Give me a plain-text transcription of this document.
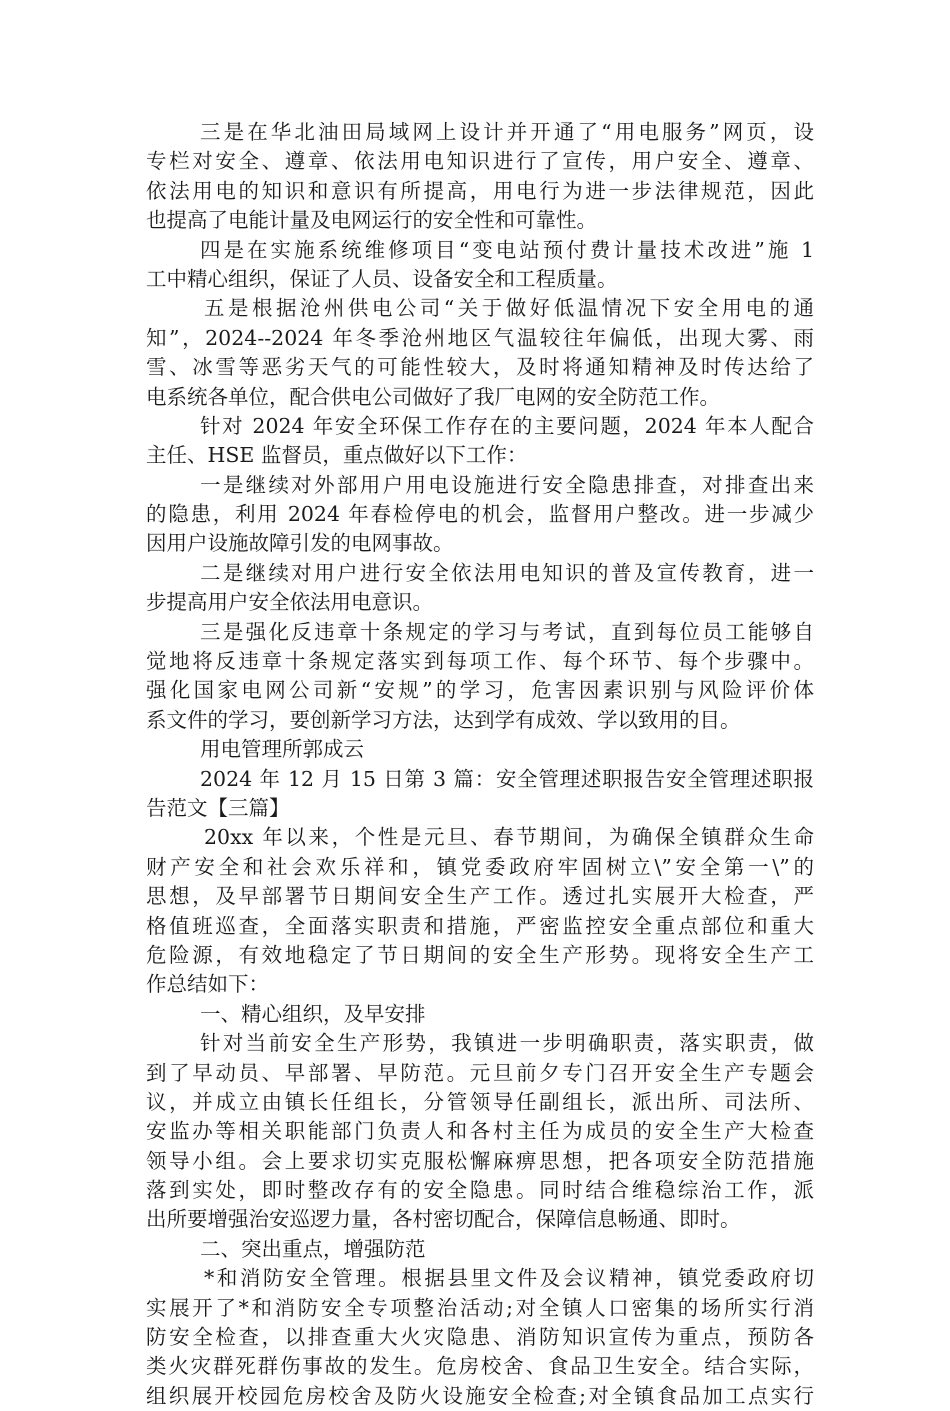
三是在华北油田局域网上设计并开通了“用电服务”网页，设
专栏对安全、遵章、依法用电知识进行了宣传，用户安全、遵章、
依法用电的知识和意识有所提高，用电行为进一步法律规范，因此
也提高了电能计量及电网运行的安全性和可靠性。
四是在实施系统维修项目“变电站预付费计量技术改进”施 1
工中精心组织，保证了人员、设备安全和工程质量。
五是根据沧州供电公司“关于做好低温情况下安全用电的通
知”，2024--2024 年冬季沧州地区气温较往年偏低，出现大雾、雨
雪、冰雪等恶劣天气的可能性较大，及时将通知精神及时传达给了
电系统各单位，配合供电公司做好了我厂电网的安全防范工作。
针对 2024 年安全环保工作存在的主要问题，2024 年本人配合
主任、HSE 监督员，重点做好以下工作：
一是继续对外部用户用电设施进行安全隐患排查，对排查出来
的隐患，利用 2024 年春检停电的机会，监督用户整改。进一步减少
因用户设施故障引发的电网事故。
二是继续对用户进行安全依法用电知识的普及宣传教育，进一
步提高用户安全依法用电意识。
三是强化反违章十条规定的学习与考试，直到每位员工能够自
觉地将反违章十条规定落实到每项工作、每个环节、每个步骤中。
强化国家电网公司新“安规”的学习，危害因素识别与风险评价体
系文件的学习，要创新学习方法，达到学有成效、学以致用的目。
用电管理所郭成云
2024 年 12 月 15 日第 3 篇：安全管理述职报告安全管理述职报
告范文【三篇】
20xx 年以来，个性是元旦、春节期间，为确保全镇群众生命
财产安全和社会欢乐祥和，镇党委政府牢固树立\”安全第一\”的
思想，及早部署节日期间安全生产工作。透过扎实展开大检查，严
格值班巡查，全面落实职责和措施，严密监控安全重点部位和重大
危险源，有效地稳定了节日期间的安全生产形势。现将安全生产工
作总结如下：
一、精心组织，及早安排
针对当前安全生产形势，我镇进一步明确职责，落实职责，做
到了早动员、早部署、早防范。元旦前夕专门召开安全生产专题会
议，并成立由镇长任组长，分管领导任副组长，派出所、司法所、
安监办等相关职能部门负责人和各村主任为成员的安全生产大检查
领导小组。会上要求切实克服松懈麻痹思想，把各项安全防范措施
落到实处，即时整改存有的安全隐患。同时结合维稳综治工作，派
出所要增强治安巡逻力量，各村密切配合，保障信息畅通、即时。
二、突出重点，增强防范
*和消防安全管理。根据县里文件及会议精神，镇党委政府切
实展开了*和消防安全专项整治活动;对全镇人口密集的场所实行消
防安全检查，以排查重大火灾隐患、消防知识宣传为重点，预防各
类火灾群死群伤事故的发生。危房校舍、食品卫生安全。结合实际，
组织展开校园危房校舍及防火设施安全检查;对全镇食品加工点实行
